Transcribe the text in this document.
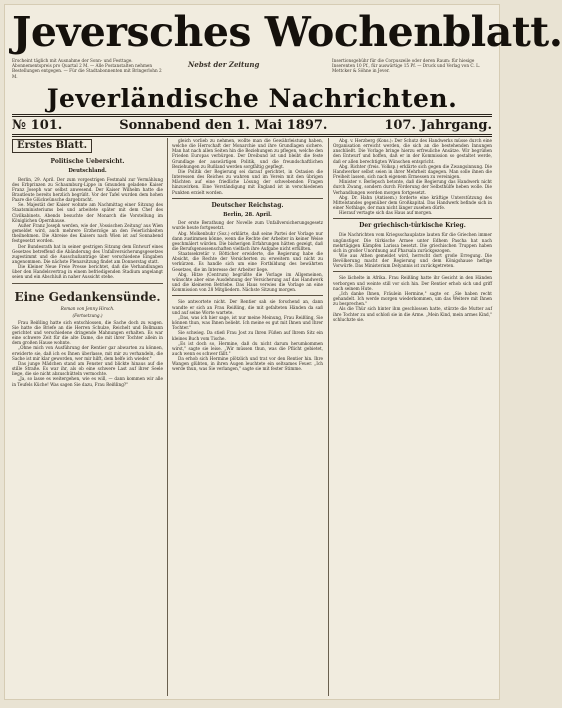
Jeversches Wochenblatt.
Erscheint täglich mit Ausnahme der Sonn- und Festtage. Abonnementspreis pro Quartal 2 M. — Alle Postanstalten nehmen Bestellungen entgegen. — Für die Stadtabonnenten mit Bringerlohn 2 M.
Nebst der Zeitung	Insertionsgebühr für die Corpuszeile oder deren Raum: für hiesige Inserenten 10 Pf., für auswärtige 15 Pf. — Druck und Verlag von C. L. Mettcker & Söhne in Jever.
Jeverländische Nachrichten.
№ 101.	Sonnabend den 1. Mai 1897.	107. Jahrgang.
Erstes Blatt.
Politische Uebersicht.
Deutschland.

Berlin, 29. April. Der zum vorgestrigen Festmahl zur Vermählung des Erbprinzen zu Schaumburg-Lippe in Gmunden geladene Kaiser Franz Joseph war selbst anwesend. Der Kaiser Wilhelm hatte die Brautleute bereits herzlich begrüßt. Vor der Tafel wurden dem hohen Paare die Glückwünsche dargebracht.

Se. Majestät der Kaiser wohnte am Nachmittag einer Sitzung des Staatsministeriums bei und arbeitete später mit dem Chef des Civilkabinets. Abends besuchte der Monarch die Vorstellung im Königlichen Opernhause.

Außer Franz Joseph werden, wie der ‚Vossischen Zeitung' aus Wien gemeldet wird, auch mehrere Erzherzöge an den Feierlichkeiten theilnehmen. Die Abreise des Kaisers nach Wien ist auf Sonnabend festgesetzt worden.

Der Bundesrath hat in seiner gestrigen Sitzung dem Entwurf eines Gesetzes betreffend die Abänderung des Unfallversicherungsgesetzes zugestimmt und die Ausschußanträge über verschiedene Eingaben angenommen. Die nächste Plenarsitzung findet am Donnerstag statt.

Die Kleiner Neue Freie Presse berichtet, daß die Verhandlungen über den Handelsvertrag in einem befriedigenden Stadium angelangt seien und ein Abschluß in naher Aussicht stehe.

Eine Gedankensünde.
Roman von Jenny Hirsch.
(Fortsetzung.)

Frau Reißling hatte sich entschlossen, die Sache doch zu wagen. Sie hatte die Briefe an die Herren Schulze, Reichelt und Bollmann gerichtet und verschiedene dringende Mahnungen erhalten. Es war eine schwere Zeit für die alte Dame, die mit ihrer Tochter allein in dem großen Hause wohnte.

„Ohne mich von Ausführung der Rentier gar abwarten zu können, erwiderte sie, daß ich es Ihnen überlasse, mit mir zu verhandeln, die Sache ist mir klar geworden, wer mir hilft, dem helfe ich wieder."

Das junge Mädchen stand am Fenster und blickte hinaus auf die stille Straße. Es war ihr, als ob eine schwere Last auf ihrer Seele liege, die sie nicht abzuschütteln vermochte.

„Ja, so lasse es weitergehen, wie es will, — dann kommen wir alle in Teufels Küche! Was sagen Sie dazu, Frau Reißling?"

gleich vorlieb zu nehmen, wollte man die Gewährleistung haben, welche die Herrschaft der Monarchie und ihre Grundlagen sichere. Man hat nach allen Seiten hin die Beziehungen zu pflegen, welche den Frieden Europas verbürgen. Der Dreibund ist und bleibt die feste Grundlage der auswärtigen Politik, und die freundschaftlichen Beziehungen zu Rußland werden sorgfältig gepflegt.

Die Politik der Regierung sei darauf gerichtet, in Ostasien die Interessen des Reiches zu wahren und im Verein mit den übrigen Mächten auf eine friedliche Lösung der schwebenden Fragen hinzuwirken. Eine Verständigung mit England ist in verschiedenen Punkten erzielt worden.

Deutscher Reichstag.
Berlin, 28. April.

Der erste Berathung der Novelle zum Unfallversicherungsgesetz wurde heute fortgesetzt.

Abg. Molkenbuhr (Soz.) erklärte, daß seine Partei der Vorlage nur dann zustimmen könne, wenn die Rechte der Arbeiter in keiner Weise geschmälert würden. Die bisherigen Erfahrungen hätten gezeigt, daß die Berufsgenossenschaften vielfach ihre Aufgabe nicht erfüllten.

Staatssekretär v. Bötticher erwiderte, die Regierung habe die Absicht, die Rechte der Versicherten zu erweitern und nicht zu verkürzen. Es handle sich um eine Fortbildung des bewährten Gesetzes, die im Interesse der Arbeiter liege.

Abg. Hitze (Centrum) begrüßte die Vorlage im Allgemeinen, wünschte aber eine Ausdehnung der Versicherung auf das Handwerk und die kleineren Betriebe. Das Haus verwies die Vorlage an eine Kommission von 28 Mitgliedern. Nächste Sitzung morgen.

Sie antwortete nicht. Der Rentier sah sie forschend an, dann wandte er sich an Frau Reißling, die mit gefalteten Händen da saß und auf seine Worte wartete.

„Das, was ich hier sage, ist nur meine Meinung, Frau Reißling, Sie können thun, was Ihnen beliebt. Ich meine es gut mit Ihnen und Ihrer Tochter."

Sie schwieg. Da stieß Frau Jost zu Ihren Füßen auf Ihrem Sitz ein kleines Buch vom Tische.

„Es ist doch so, Hermine, daß du nicht darum herumkommen wirst," sagte sie leise. „Wir müssen thun, was die Pflicht gebietet, auch wenn es schwer fällt."

Da erhob sich Hermine plötzlich und trat vor den Rentier hin. Ihre Wangen glühten, in ihren Augen leuchtete ein seltsames Feuer. „Ich werde thun, was Sie verlangen," sagte sie mit fester Stimme.

Abg. v. Herzberg (Kons.): Der Schutz des Handwerks müsse durch eine Organisation erreicht werden, die sich an die bestehenden Innungen anschließt. Die Vorlage bringe hierzu erfreuliche Ansätze. Wir begrüßen den Entwurf und hoffen, daß er in der Kommission so gestaltet werde, daß er allen berechtigten Wünschen entspricht.

Abg. Richter (freis. Volksp.) erklärte sich gegen die Zwangsinnung. Die Handwerker selbst seien in ihrer Mehrheit dagegen. Man solle ihnen die Freiheit lassen, sich nach eigenem Ermessen zu vereinigen.

Minister v. Berlepsch betonte, daß die Regierung das Handwerk nicht durch Zwang, sondern durch Förderung der Selbsthülfe heben wolle. Die Verhandlungen werden morgen fortgesetzt.

Abg. Dr. Hahn (Antisem.) forderte eine kräftige Unterstützung des Mittelstandes gegenüber dem Großkapital. Das Handwerk befinde sich in einer Nothlage, der man nicht länger zusehen dürfe.

Hierauf vertagte sich das Haus auf morgen.

Der griechisch-türkische Krieg.

Die Nachrichten vom Kriegsschauplatze lauten für die Griechen immer ungünstiger. Die türkische Armee unter Edhem Pascha hat nach mehrtägigen Kämpfen Larissa besetzt. Die griechischen Truppen haben sich in großer Unordnung auf Pharsala zurückgezogen.

Wie aus Athen gemeldet wird, herrscht dort große Erregung. Die Bevölkerung macht der Regierung und dem Königshause heftige Vorwürfe. Das Ministerium Delyannis ist zurückgetreten.

Sie lächelte in Afrika. Frau Reißling hatte ihr Gesicht in den Händen verborgen und weinte still vor sich hin. Der Rentier erhob sich und griff nach seinem Hute.

„Ich danke Ihnen, Fräulein Hermine," sagte er. „Sie haben recht gehandelt. Ich werde morgen wiederkommen, um das Weitere mit Ihnen zu besprechen."

Als die Thür sich hinter ihm geschlossen hatte, stürzte die Mutter auf ihre Tochter zu und schloß sie in die Arme. „Mein Kind, mein armes Kind," schluchzte sie.
